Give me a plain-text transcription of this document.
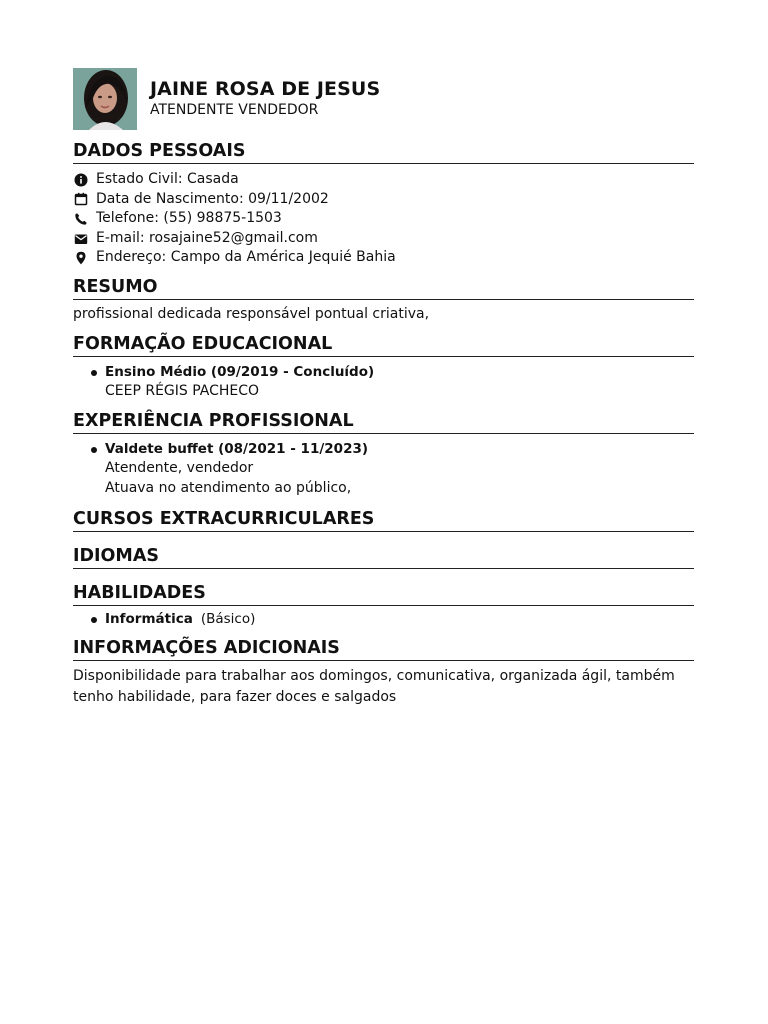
JAINE ROSA DE JESUS
ATENDENTE VENDEDOR
DADOS PESSOAIS
Estado Civil: Casada
Data de Nascimento: 09/11/2002
Telefone: (55) 98875-1503
E-mail: rosajaine52@gmail.com
Endereço: Campo da América Jequié Bahia
RESUMO
profissional dedicada responsável pontual criativa,
FORMAÇÃO EDUCACIONAL
Ensino Médio (09/2019 - Concluído)
CEEP RÉGIS PACHECO
EXPERIÊNCIA PROFISSIONAL
Valdete buffet (08/2021 - 11/2023)
Atendente, vendedor
Atuava no atendimento ao público,
CURSOS EXTRACURRICULARES
IDIOMAS
HABILIDADES
Informática (Básico)
INFORMAÇÕES ADICIONAIS
Disponibilidade para trabalhar aos domingos, comunicativa, organizada ágil, também tenho habilidade, para fazer doces e salgados
